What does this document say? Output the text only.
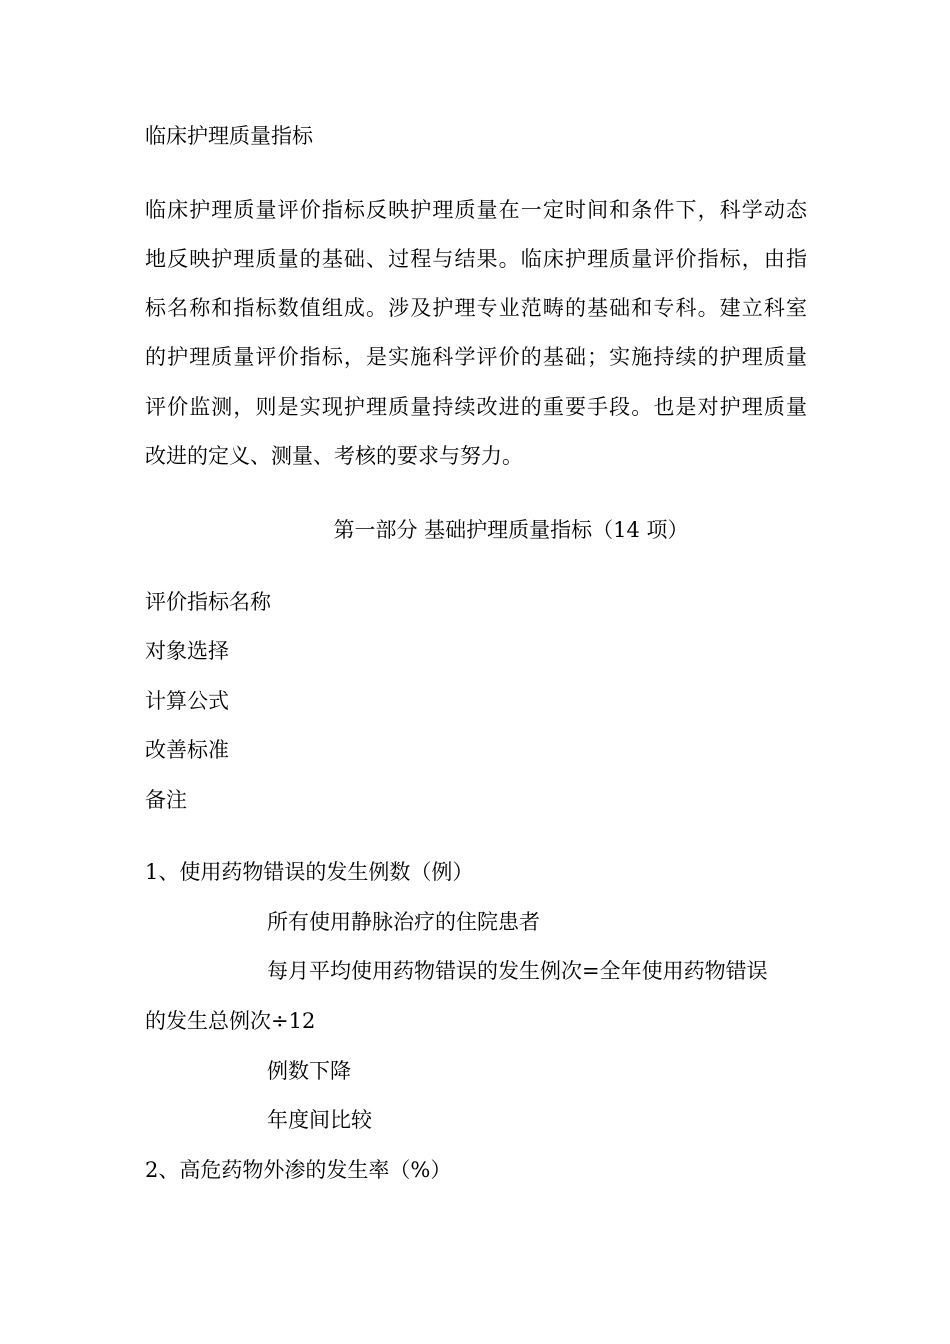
临床护理质量指标
临床护理质量评价指标反映护理质量在一定时间和条件下，科学动态
地反映护理质量的基础、过程与结果。临床护理质量评价指标，由指
标名称和指标数值组成。涉及护理专业范畴的基础和专科。建立科室
的护理质量评价指标，是实施科学评价的基础；实施持续的护理质量
评价监测，则是实现护理质量持续改进的重要手段。也是对护理质量
改进的定义、测量、考核的要求与努力。
第一部分 基础护理质量指标（14 项）
评价指标名称
对象选择
计算公式
改善标准
备注
1、使用药物错误的发生例数（例）
所有使用静脉治疗的住院患者
每月平均使用药物错误的发生例次=全年使用药物错误
的发生总例次÷12
例数下降
年度间比较
2、高危药物外渗的发生率（%）
